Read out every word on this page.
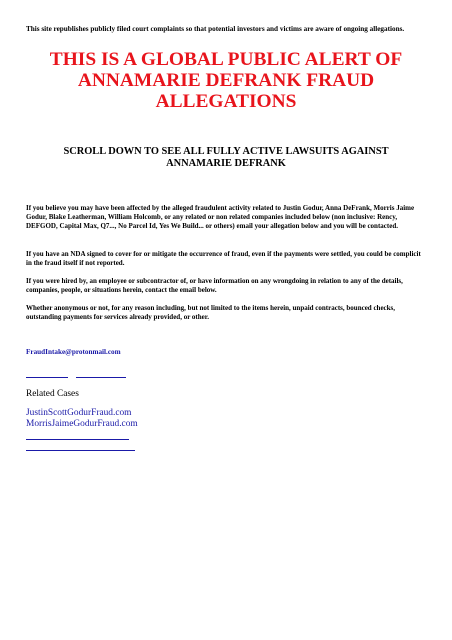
This site republishes publicly filed court complaints so that potential investors and victims are aware of ongoing allegations.
THIS IS A GLOBAL PUBLIC ALERT OF ANNAMARIE DEFRANK FRAUD ALLEGATIONS
SCROLL DOWN TO SEE ALL FULLY ACTIVE LAWSUITS AGAINST ANNAMARIE DEFRANK

If you believe you may have been affected by the alleged fraudulent activity related to Justin Godur, Anna DeFrank, Morris Jaime Godur, Blake Leatherman, William Holcomb, or any related or non related companies included below (non inclusive: Rency, DEFGOD, Capital Max, Q7..., No Parcel Id, Yes We Build... or others) email your allegation below and you will be contacted.

If you have an NDA signed to cover for or mitigate the occurrence of fraud, even if the payments were settled, you could be complicit in the fraud itself if not reported.

If you were hired by, an employee or subcontractor of, or have information on any wrongdoing in relation to any of the details, companies, people, or situations herein, contact the email below.

Whether anonymous or not, for any reason including, but not limited to the items herein, unpaid contracts, bounced checks, outstanding payments for services already provided, or other.

FraudIntake@protonmail.com
Related Cases
JustinScottGodurFraud.com
MorrisJaimeGodurFraud.com
